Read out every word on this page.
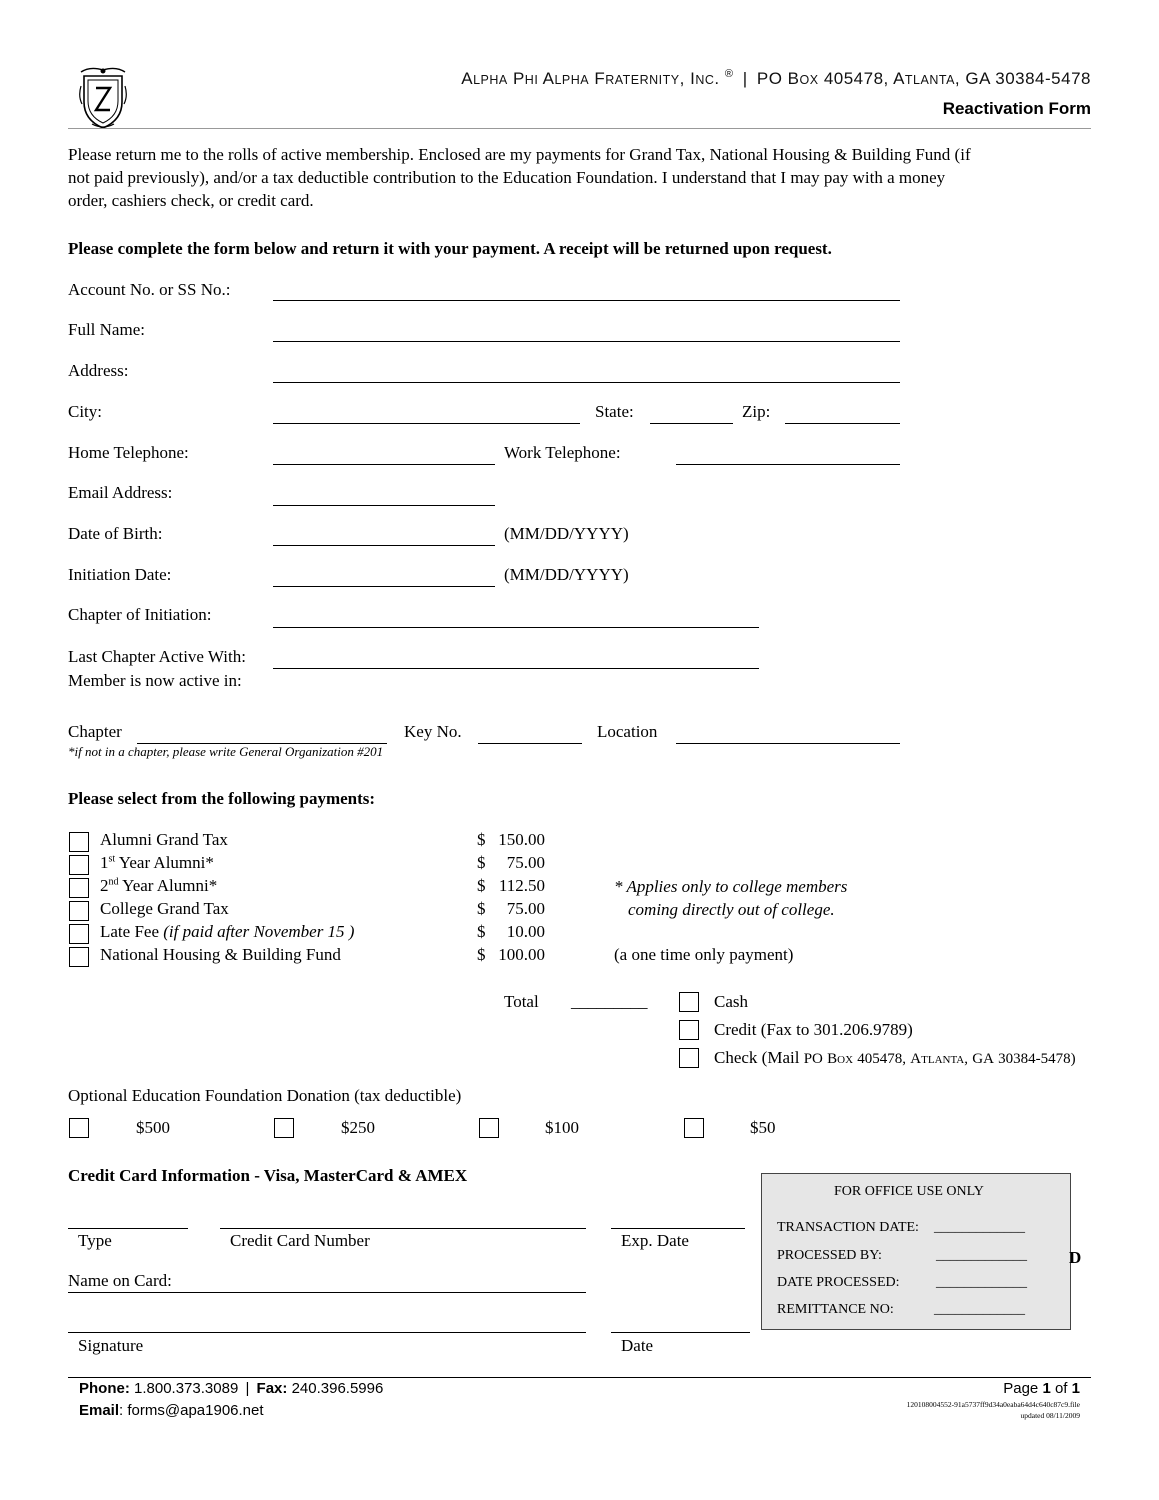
ALPHA PHI ALPHA FRATERNITY, INC. ® | PO BOX 405478, ATLANTA, GA 30384-5478
Reactivation Form
Please return me to the rolls of active membership. Enclosed are my payments for Grand Tax, National Housing & Building Fund (if
not paid previously), and/or a tax deductible contribution to the Education Foundation. I understand that I may pay with a money
order, cashiers check, or credit card.
Please complete the form below and return it with your payment. A receipt will be returned upon request.
Account No. or SS No.:
Full Name:
Address:
City:	State:	Zip:
Home Telephone:	Work Telephone:
Email Address:
Date of Birth:	(MM/DD/YYYY)
Initiation Date:	(MM/DD/YYYY)
Chapter of Initiation:
Last Chapter Active With:
Member is now active in:
Chapter	Key No.	Location
*if not in a chapter, please write General Organization #201
Please select from the following payments:
Alumni Grand Tax	$ 150.00
1st Year Alumni*	$ 75.00
2nd Year Alumni*	$ 112.50
College Grand Tax	$ 75.00
Late Fee (if paid after November 15 )	$ 10.00
National Housing & Building Fund	$ 100.00
* Applies only to college members
coming directly out of college.
(a one time only payment)
Total _________	Cash
Credit (Fax to 301.206.9789)
Check (Mail PO BOX 405478, ATLANTA, GA 30384-5478)
Optional Education Foundation Donation (tax deductible)
$500	$250	$100	$50
Credit Card Information - Visa, MasterCard & AMEX
Type	Credit Card Number	Exp. Date
Name on Card:
Signature	Date
FOR OFFICE USE ONLY
TRANSACTION DATE: _____________
PROCESSED BY:	_____________
DATE PROCESSED:	_____________
REMITTANCE NO:	_____________
D
Phone: 1.800.373.3089 | Fax: 240.396.5996
Email: forms@apa1906.net
Page 1 of 1
120108004552-91a5737ff9d34a0eaba64d4c640c87c9.file
updated 08/11/2009
